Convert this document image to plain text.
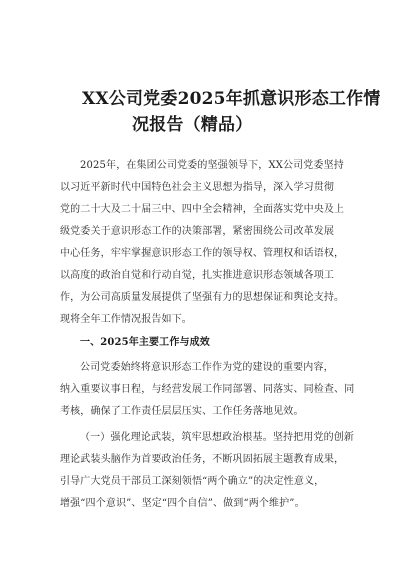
XX公司党委2025年抓意识形态工作情
况报告（精品）
2025年，在集团公司党委的坚强领导下，XX公司党委坚持
以习近平新时代中国特色社会主义思想为指导，深入学习贯彻
党的二十大及二十届三中、四中全会精神，全面落实党中央及上
级党委关于意识形态工作的决策部署，紧密围绕公司改革发展
中心任务，牢牢掌握意识形态工作的领导权、管理权和话语权，
以高度的政治自觉和行动自觉，扎实推进意识形态领域各项工
作，为公司高质量发展提供了坚强有力的思想保证和舆论支持。
现将全年工作情况报告如下。
一、2025年主要工作与成效
公司党委始终将意识形态工作作为党的建设的重要内容，
纳入重要议事日程，与经营发展工作同部署、同落实、同检查、同
考核，确保了工作责任层层压实、工作任务落地见效。
（一）强化理论武装，筑牢思想政治根基。坚持把用党的创新
理论武装头脑作为首要政治任务，不断巩固拓展主题教育成果，
引导广大党员干部员工深刻领悟“两个确立”的决定性意义，
增强“四个意识”、坚定“四个自信”、做到“两个维护”。
